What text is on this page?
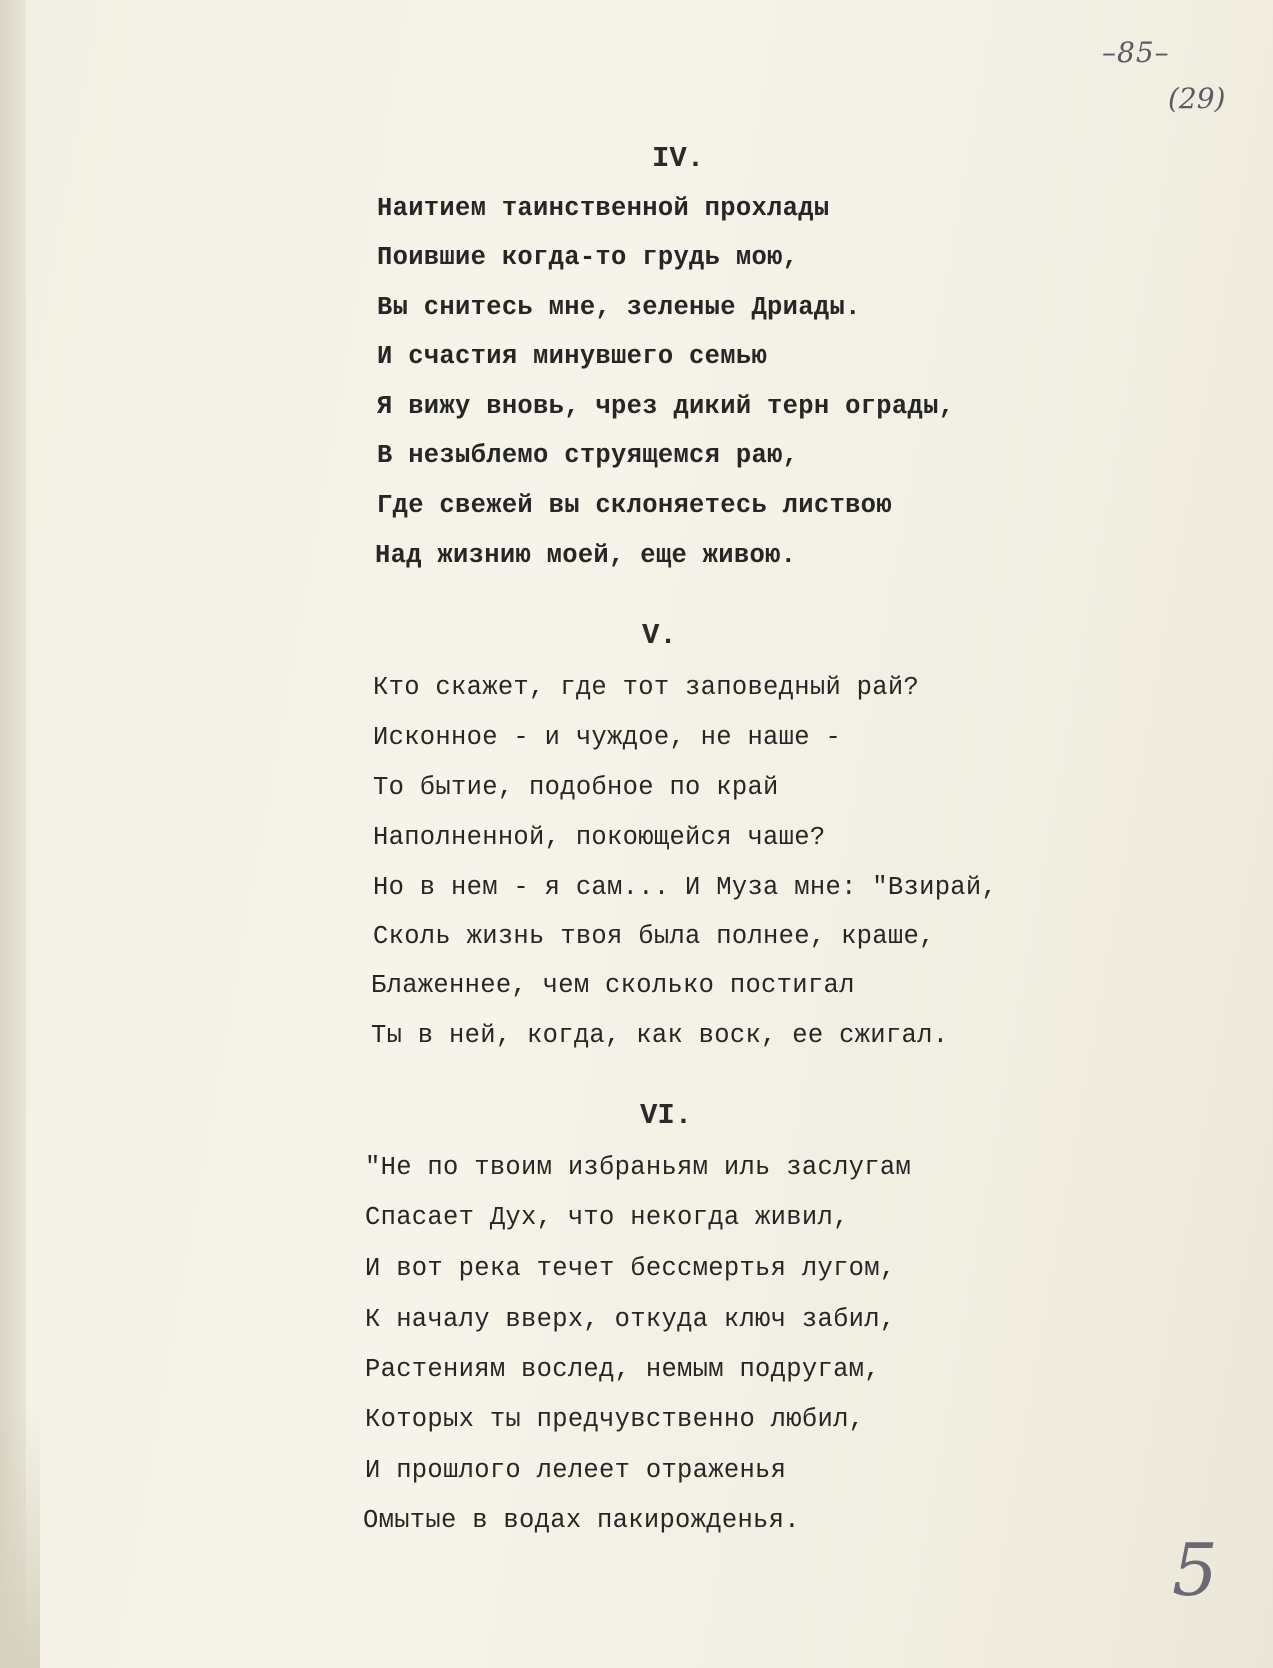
–85–
(29)
IV.
Наитием таинственной прохлады
Поившие когда-то грудь мою,
Вы снитесь мне, зеленые Дриады.
И счастия минувшего семью
Я вижу вновь, чрез дикий терн ограды,
В незыблемо струящемся раю,
Где свежей вы склоняетесь листвою
Над жизнию моей, еще живою.
V.
Кто скажет, где тот заповедный рай?
Исконное - и чуждое, не наше -
То бытие, подобное по край
Наполненной, покоющейся чаше?
Но в нем - я сам... И Муза мне: "Взирай,
Сколь жизнь твоя была полнее, краше,
Блаженнее, чем сколько постигал
Ты в ней, когда, как воск, ее сжигал.
VI.
"Не по твоим избраньям иль заслугам
Спасает Дух, что некогда живил,
И вот река течет бессмертья лугом,
К началу вверх, откуда ключ забил,
Растениям вослед, немым подругам,
Которых ты предчувственно любил,
И прошлого лелеет отраженья
Омытые в водах пакирожденья.
5
